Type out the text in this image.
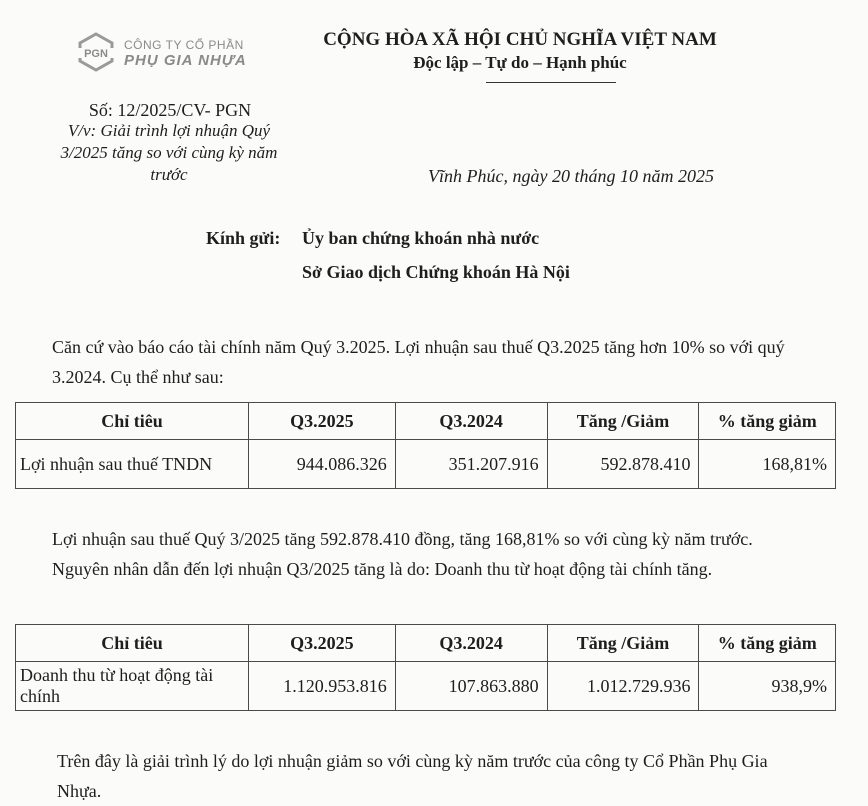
PGN
CÔNG TY CỔ PHẦN
PHỤ GIA NHỰA
CỘNG HÒA XÃ HỘI CHỦ NGHĨA VIỆT NAM
Độc lập – Tự do – Hạnh phúc
Số: 12/2025/CV- PGN
V/v: Giải trình lợi nhuận Quý
3/2025 tăng so với cùng kỳ năm
trước	Vĩnh Phúc, ngày 20 tháng 10 năm 2025
Kính gửi: Ủy ban chứng khoán nhà nước
Sở Giao dịch Chứng khoán Hà Nội
Căn cứ vào báo cáo tài chính năm Quý 3.2025. Lợi nhuận sau thuế Q3.2025 tăng hơn 10% so với quý 3.2024. Cụ thể như sau:
Chỉ tiêu	Q3.2025	Q3.2024	Tăng /Giảm	% tăng giảm
Lợi nhuận sau thuế TNDN	944.086.326	351.207.916	592.878.410	168,81%
Lợi nhuận sau thuế Quý 3/2025 tăng 592.878.410 đồng, tăng 168,81% so với cùng kỳ năm trước. Nguyên nhân dẫn đến lợi nhuận Q3/2025 tăng là do: Doanh thu từ hoạt động tài chính tăng.
Chỉ tiêu	Q3.2025	Q3.2024	Tăng /Giảm	% tăng giảm
Doanh thu từ hoạt động tài chính	1.120.953.816	107.863.880	1.012.729.936	938,9%
Trên đây là giải trình lý do lợi nhuận giảm so với cùng kỳ năm trước của công ty Cổ Phần Phụ Gia Nhựa.
